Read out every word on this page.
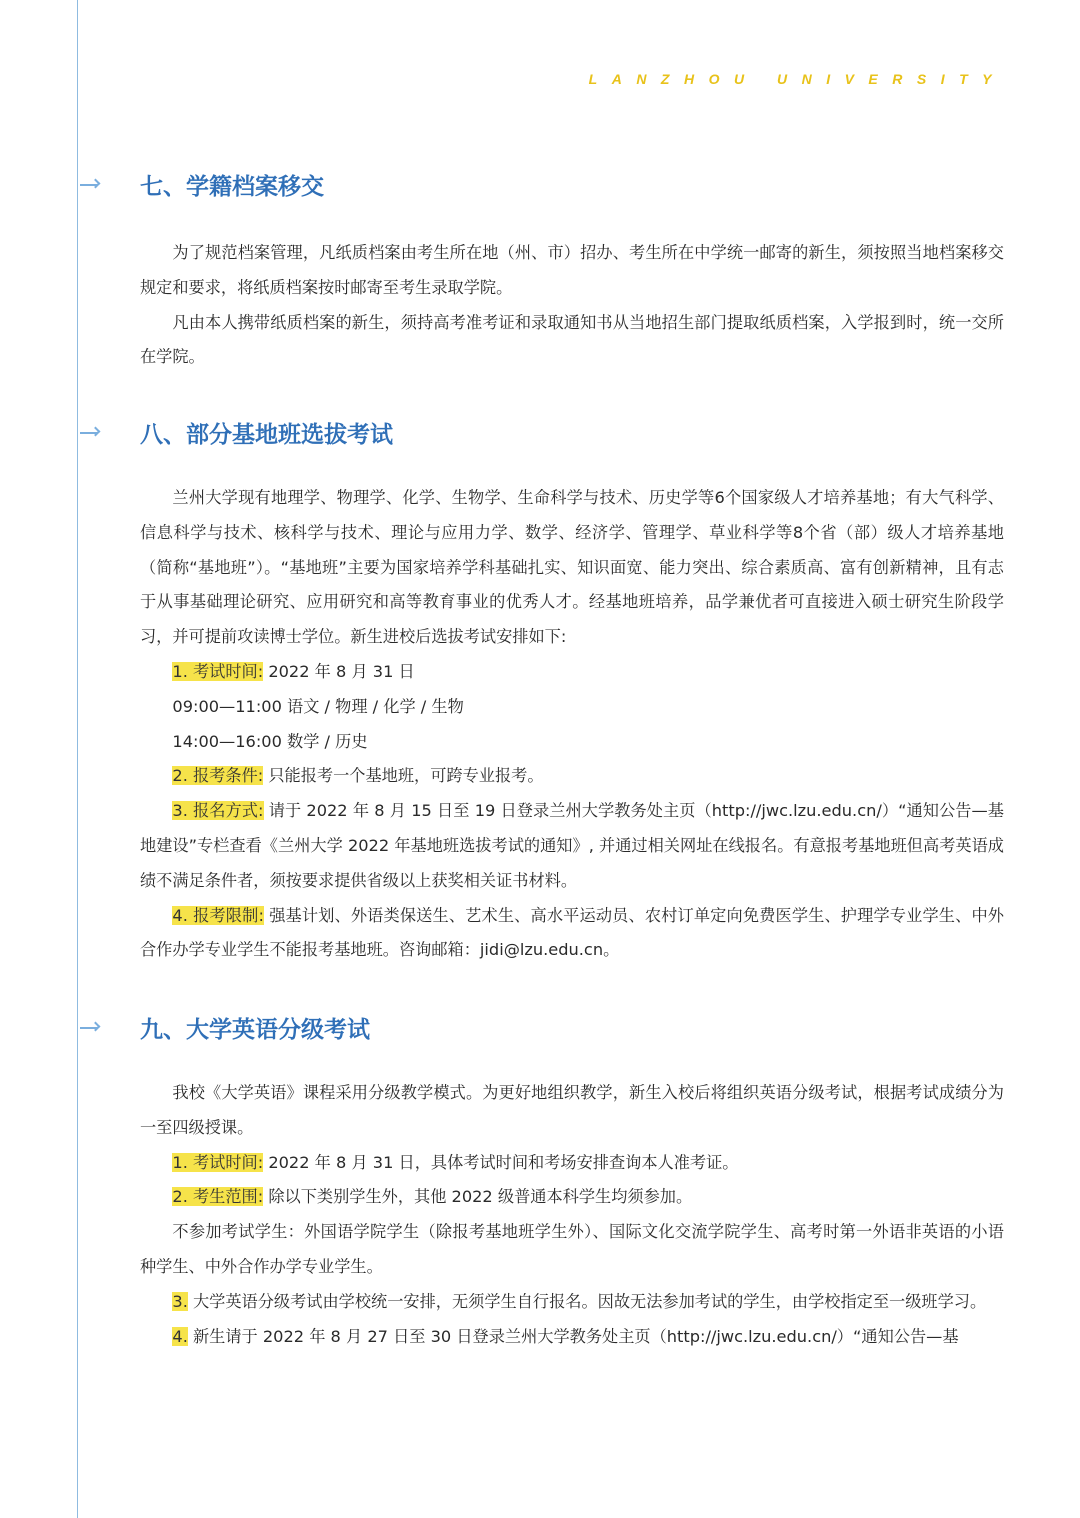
LANZHOU UNIVERSITY
七、学籍档案移交

为了规范档案管理，凡纸质档案由考生所在地（州、市）招办、考生所在中学统一邮寄的新生，须按照当地档案移交规定和要求，将纸质档案按时邮寄至考生录取学院。

凡由本人携带纸质档案的新生，须持高考准考证和录取通知书从当地招生部门提取纸质档案，入学报到时，统一交所在学院。

八、部分基地班选拔考试

兰州大学现有地理学、物理学、化学、生物学、生命科学与技术、历史学等6个国家级人才培养基地；有大气科学、信息科学与技术、核科学与技术、理论与应用力学、数学、经济学、管理学、草业科学等8个省（部）级人才培养基地（简称“基地班”）。“基地班”主要为国家培养学科基础扎实、知识面宽、能力突出、综合素质高、富有创新精神，且有志于从事基础理论研究、应用研究和高等教育事业的优秀人才。经基地班培养，品学兼优者可直接进入硕士研究生阶段学习，并可提前攻读博士学位。新生进校后选拔考试安排如下:

1. 考试时间: 2022 年 8 月 31 日

09:00—11:00 语文 / 物理 / 化学 / 生物

14:00—16:00 数学 / 历史

2. 报考条件: 只能报考一个基地班，可跨专业报考。

3. 报名方式: 请于 2022 年 8 月 15 日至 19 日登录兰州大学教务处主页（http://jwc.lzu.edu.cn/）“通知公告—基地建设”专栏查看《兰州大学 2022 年基地班选拔考试的通知》, 并通过相关网址在线报名。有意报考基地班但高考英语成绩不满足条件者，须按要求提供省级以上获奖相关证书材料。

4. 报考限制: 强基计划、外语类保送生、艺术生、高水平运动员、农村订单定向免费医学生、护理学专业学生、中外合作办学专业学生不能报考基地班。咨询邮箱：jidi@lzu.edu.cn。

九、大学英语分级考试

我校《大学英语》课程采用分级教学模式。为更好地组织教学，新生入校后将组织英语分级考试，根据考试成绩分为一至四级授课。

1. 考试时间: 2022 年 8 月 31 日，具体考试时间和考场安排查询本人准考证。

2. 考生范围: 除以下类别学生外，其他 2022 级普通本科学生均须参加。

不参加考试学生：外国语学院学生（除报考基地班学生外）、国际文化交流学院学生、高考时第一外语非英语的小语种学生、中外合作办学专业学生。

3. 大学英语分级考试由学校统一安排，无须学生自行报名。因故无法参加考试的学生，由学校指定至一级班学习。

4. 新生请于 2022 年 8 月 27 日至 30 日登录兰州大学教务处主页（http://jwc.lzu.edu.cn/）“通知公告—基
